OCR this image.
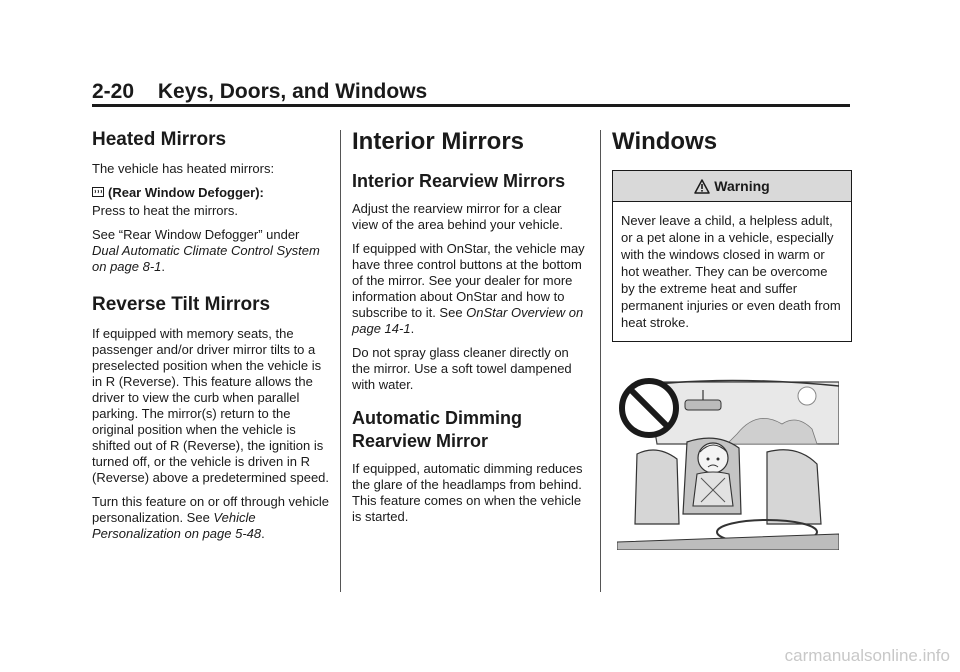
2-20 Keys, Doors, and Windows
Heated Mirrors

The vehicle has heated mirrors:

(Rear Window Defogger):
Press to heat the mirrors.

See “Rear Window Defogger” under
Dual Automatic Climate Control System on page 8-1.

Reverse Tilt Mirrors

If equipped with memory seats, the passenger and/or driver mirror tilts to a preselected position when the vehicle is in R (Reverse). This feature allows the driver to view the curb when parallel parking. The mirror(s) return to the original position when the vehicle is shifted out of R (Reverse), the ignition is turned off, or the vehicle is driven in R (Reverse) above a predetermined speed.

Turn this feature on or off through vehicle personalization. See Vehicle Personalization on page 5-48.

Interior Mirrors
Interior Rearview Mirrors

Adjust the rearview mirror for a clear view of the area behind your vehicle.

If equipped with OnStar, the vehicle may have three control buttons at the bottom of the mirror. See your dealer for more information about OnStar and how to subscribe to it. See OnStar Overview on page 14-1.

Do not spray glass cleaner directly on the mirror. Use a soft towel dampened with water.

Automatic Dimming Rearview Mirror

If equipped, automatic dimming reduces the glare of the headlamps from behind. This feature comes on when the vehicle is started.

Windows
Warning

Never leave a child, a helpless adult, or a pet alone in a vehicle, especially with the windows closed in warm or hot weather. They can be overcome by the extreme heat and suffer permanent injuries or even death from heat stroke.

carmanualsonline.info
